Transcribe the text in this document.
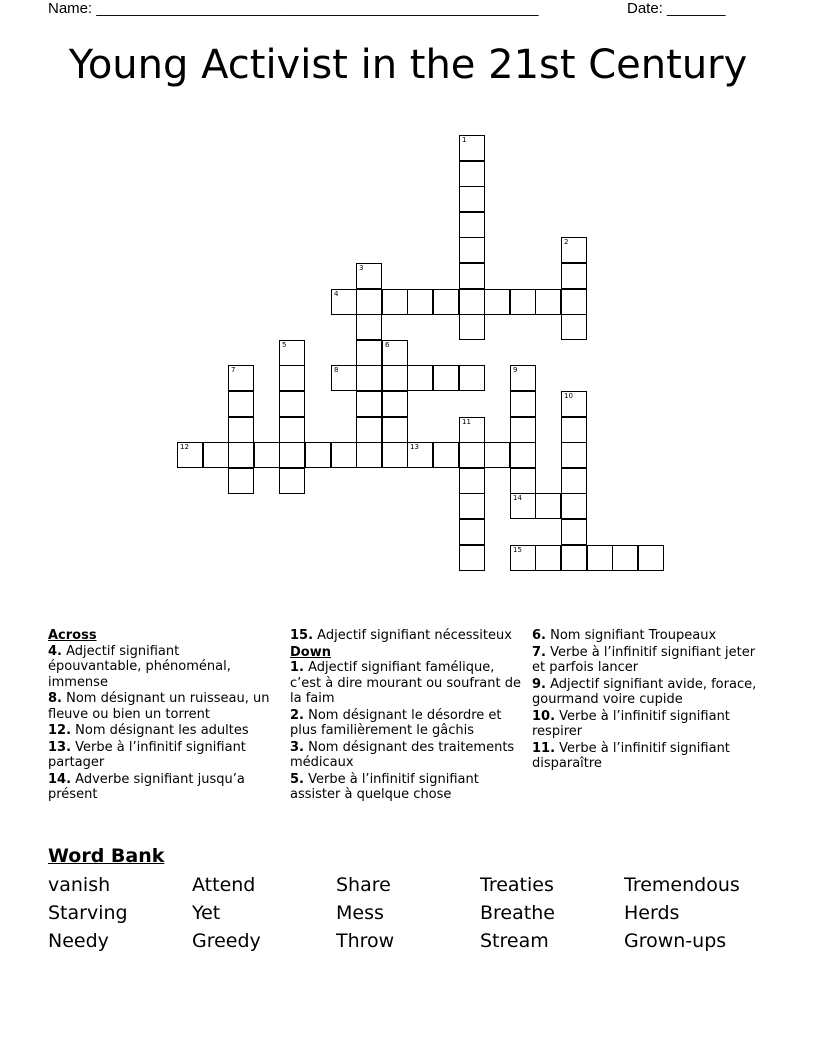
Name: _____________________________________________________	Date: _______
Young Activist in the 21st Century
1
2
3
4
5	6
7	8	9
10
11
12	13
14
15
Across
4. Adjectif signifiant épouvantable, phénoménal, immense
8. Nom désignant un ruisseau, un fleuve ou bien un torrent
12. Nom désignant les adultes
13. Verbe à l’infinitif signifiant partager
14. Adverbe signifiant jusqu’a présent
15. Adjectif signifiant nécessiteux
Down
1. Adjectif signifiant famélique, c’est à dire mourant ou soufrant de la faim
2. Nom désignant le désordre et plus familièrement le gâchis
3. Nom désignant des traitements médicaux
5. Verbe à l’infinitif signifiant assister à quelque chose
6. Nom signifiant Troupeaux
7. Verbe à l’infinitif signifiant jeter et parfois lancer
9. Adjectif signifiant avide, forace, gourmand voire cupide
10. Verbe à l’infinitif signifiant respirer
11. Verbe à l’infinitif signifiant disparaître
Word Bank
vanish	Attend	Share	Treaties	Tremendous
Starving	Yet	Mess	Breathe	Herds
Needy	Greedy	Throw	Stream	Grown-ups
